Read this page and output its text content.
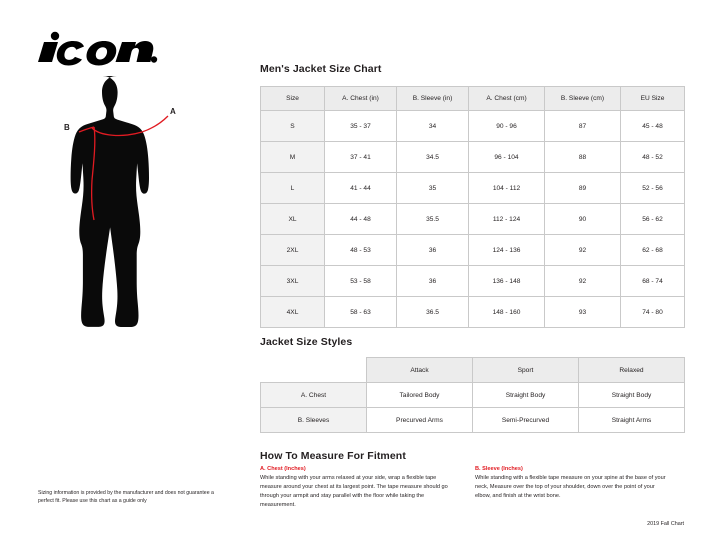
A
B
Sizing information is provided by the manufacturer and does not guarantee a perfect fit. Please use this chart as a guide only
Men's Jacket Size Chart
Size	A. Chest (in)	B. Sleeve (in)	A. Chest (cm)	B. Sleeve (cm)	EU Size
S	35 - 37	34	90 - 96	87	45 - 48
M	37 - 41	34.5	96 - 104	88	48 - 52
L	41 - 44	35	104 - 112	89	52 - 56
XL	44 - 48	35.5	112 - 124	90	56 - 62
2XL	48 - 53	36	124 - 136	92	62 - 68
3XL	53 - 58	36	136 - 148	92	68 - 74
4XL	58 - 63	36.5	148 - 160	93	74 - 80
Jacket Size Styles
	Attack	Sport	Relaxed
A. Chest	Tailored Body	Straight Body	Straight Body
B. Sleeves	Precurved Arms	Semi-Precurved	Straight Arms
How To Measure For Fitment
A. Chest (Inches)
While standing with your arms relaxed at your side, wrap a flexible tape measure around your chest at its largest point. The tape measure should go through your armpit and stay parallel with the floor while taking the measurement.
B. Sleeve (Inches)
While standing with a flexible tape measure on your spine at the base of your neck, Measure over the top of your shoulder, down over the point of your elbow, and finish at the wrist bone.
2019 Fall Chart
